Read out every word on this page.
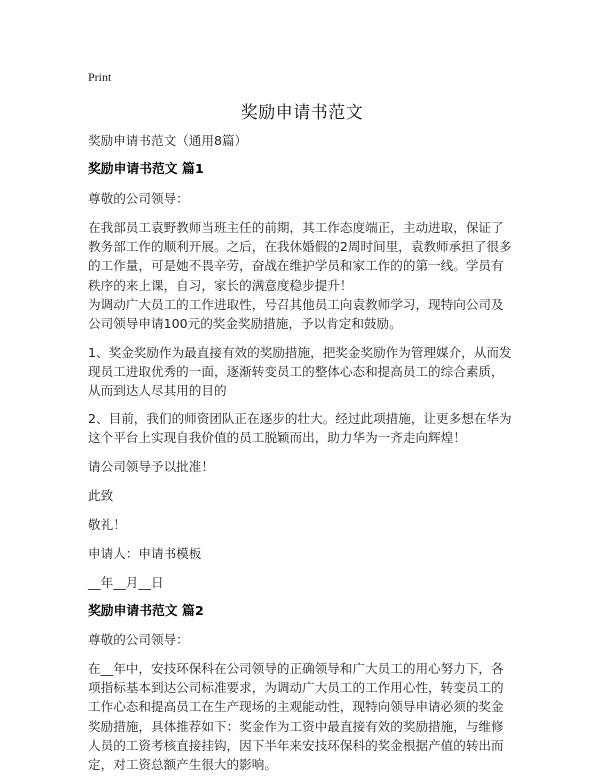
Print
奖励申请书范文

奖励申请书范文（通用8篇）

奖励申请书范文 篇1

尊敬的公司领导：

在我部员工袁野教师当班主任的前期，其工作态度端正，主动进取，保证了教务部工作的顺利开展。之后，在我休婚假的2周时间里，袁教师承担了很多的工作量，可是她不畏辛劳，奋战在维护学员和家工作的的第一线。学员有秩序的来上课，自习，家长的满意度稳步提升！

为调动广大员工的工作进取性，号召其他员工向袁教师学习，现特向公司及公司领导申请100元的奖金奖励措施，予以肯定和鼓励。

1、奖金奖励作为最直接有效的奖励措施，把奖金奖励作为管理媒介，从而发现员工进取优秀的一面，逐渐转变员工的整体心态和提高员工的综合素质，从而到达人尽其用的目的

2、目前，我们的师资团队正在逐步的壮大。经过此项措施，让更多想在华为这个平台上实现自我价值的员工脱颖而出，助力华为一齐走向辉煌！

请公司领导予以批准！

此致

敬礼！

申请人：申请书模板

__年__月__日

奖励申请书范文 篇2

尊敬的公司领导：

在__年中，安技环保科在公司领导的正确领导和广大员工的用心努力下，各项指标基本到达公司标准要求，为调动广大员工的工作用心性，转变员工的工作心态和提高员工在生产现场的主观能动性，现特向领导申请必须的奖金奖励措施，具体推荐如下：奖金作为工资中最直接有效的奖励措施，与维修人员的工资考核直接挂钩，因下半年来安技环保科的奖金根据产值的转出而定，对工资总额产生很大的影响。
